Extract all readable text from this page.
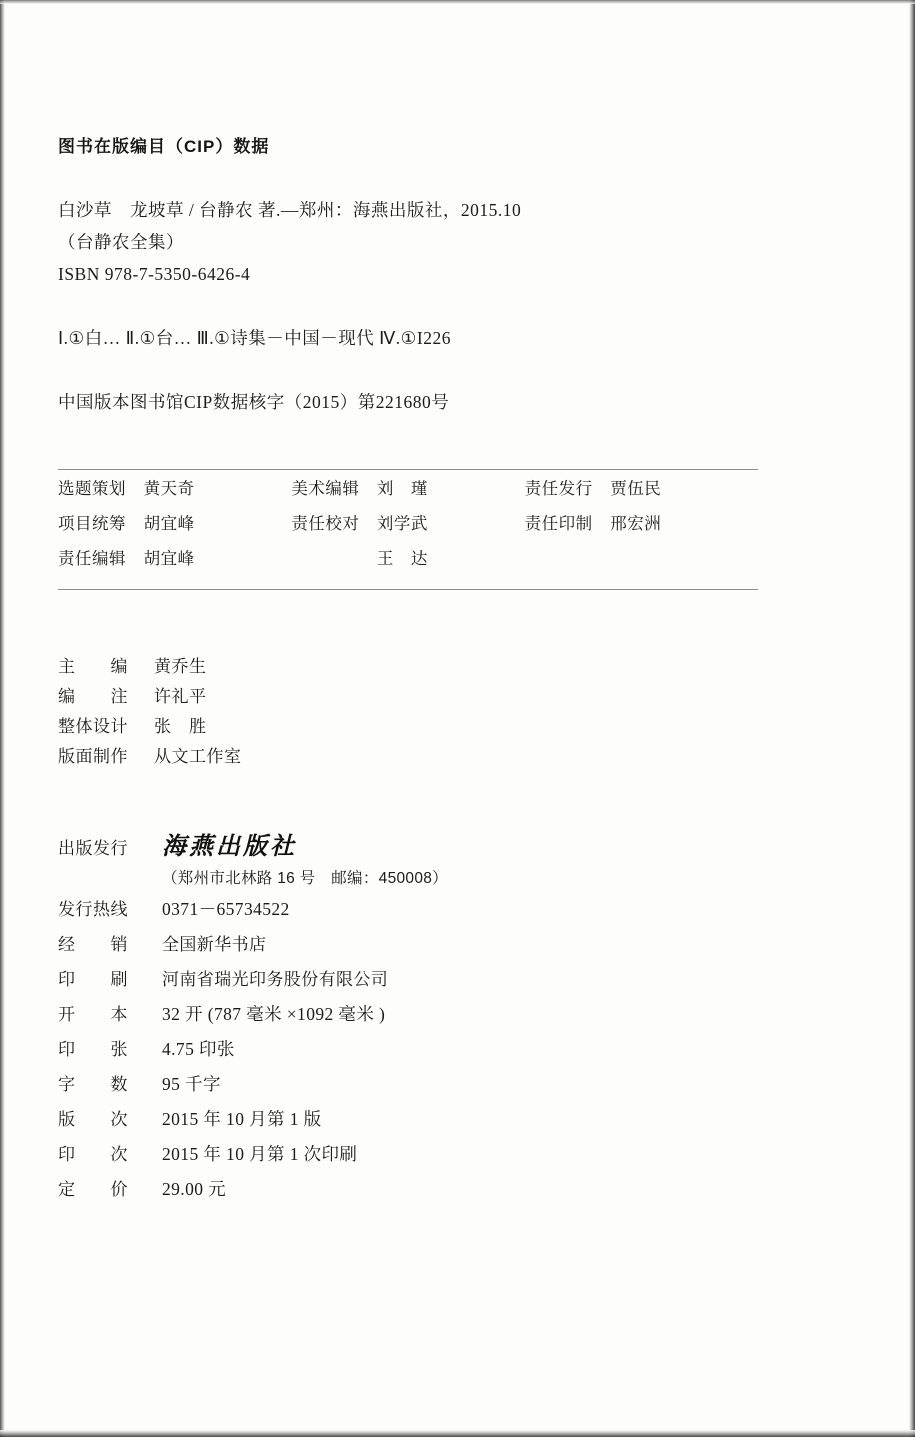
图书在版编目（CIP）数据
白沙草　龙坡草 / 台静农 著.—郑州：海燕出版社，2015.10
（台静农全集）
ISBN 978-7-5350-6426-4
Ⅰ.①白… Ⅱ.①台… Ⅲ.①诗集－中国－现代 Ⅳ.①I226
中国版本图书馆CIP数据核字（2015）第221680号
选题策划	黄天奇	美术编辑	刘　瑾	责任发行	贾伍民
项目统筹	胡宜峰	责任校对	刘学武	责任印制	邢宏洲
责任编辑	胡宜峰		王　达		
主　　编	黄乔生
编　　注	许礼平
整体设计	张　胜
版面制作	从文工作室
出版发行	海燕出版社
（郑州市北林路 16 号　邮编：450008）
发行热线	0371－65734522
经　　销	全国新华书店
印　　刷	河南省瑞光印务股份有限公司
开　　本	32 开 (787 毫米 ×1092 毫米 )
印　　张	4.75 印张
字　　数	95 千字
版　　次	2015 年 10 月第 1 版
印　　次	2015 年 10 月第 1 次印刷
定　　价	29.00 元
